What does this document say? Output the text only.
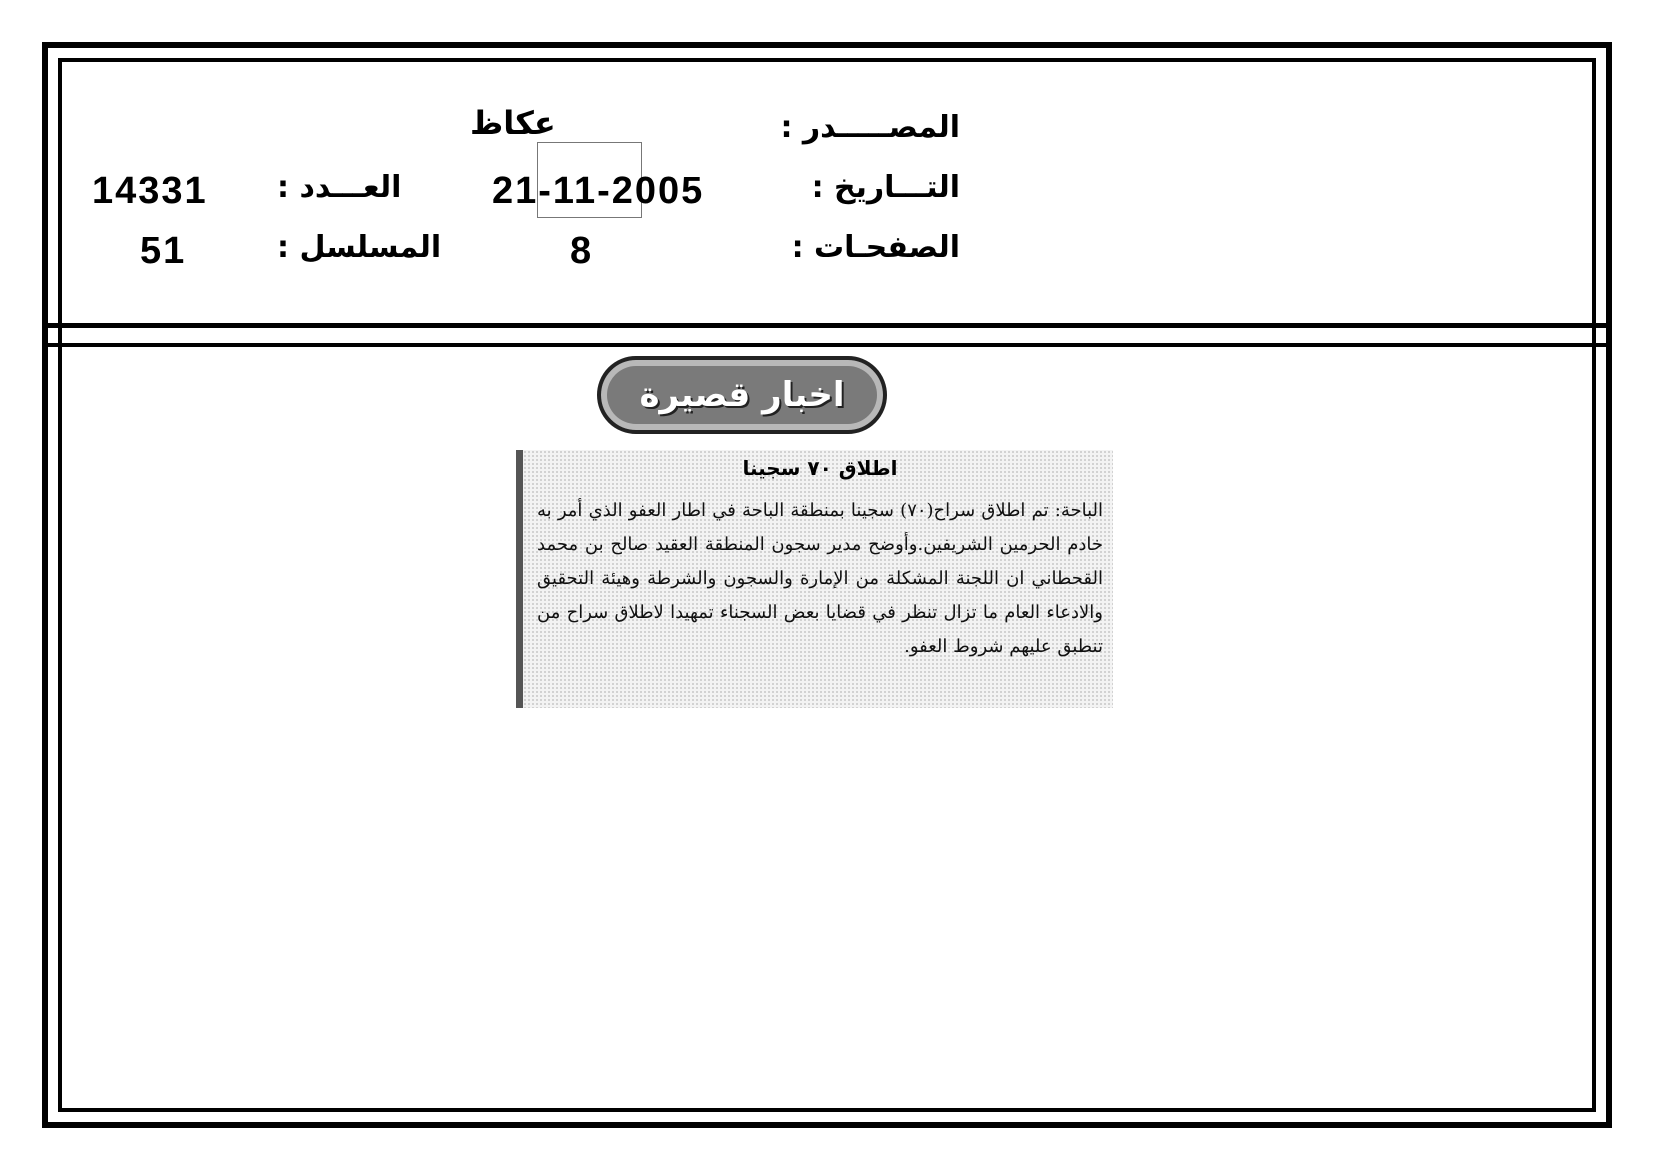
المصـــــدر :
عكاظ
التـــاريخ :
21-11-2005
العـــدد :
14331
الصفحـات :
8
المسلسل :
51
اخبار قصيرة

اطلاق ٧٠ سجينا

الباحة: تم اطلاق سراح(٧٠) سجينا بمنطقة الباحة في اطار العفو الذي أمر به خادم الحرمين الشريفين.وأوضح مدير سجون المنطقة العقيد صالح بن محمد القحطاني ان اللجنة المشكلة من الإمارة والسجون والشرطة وهيئة التحقيق والادعاء العام ما تزال تنظر في قضايا بعض السجناء تمهيدا لاطلاق سراح من تنطبق عليهم شروط العفو.
